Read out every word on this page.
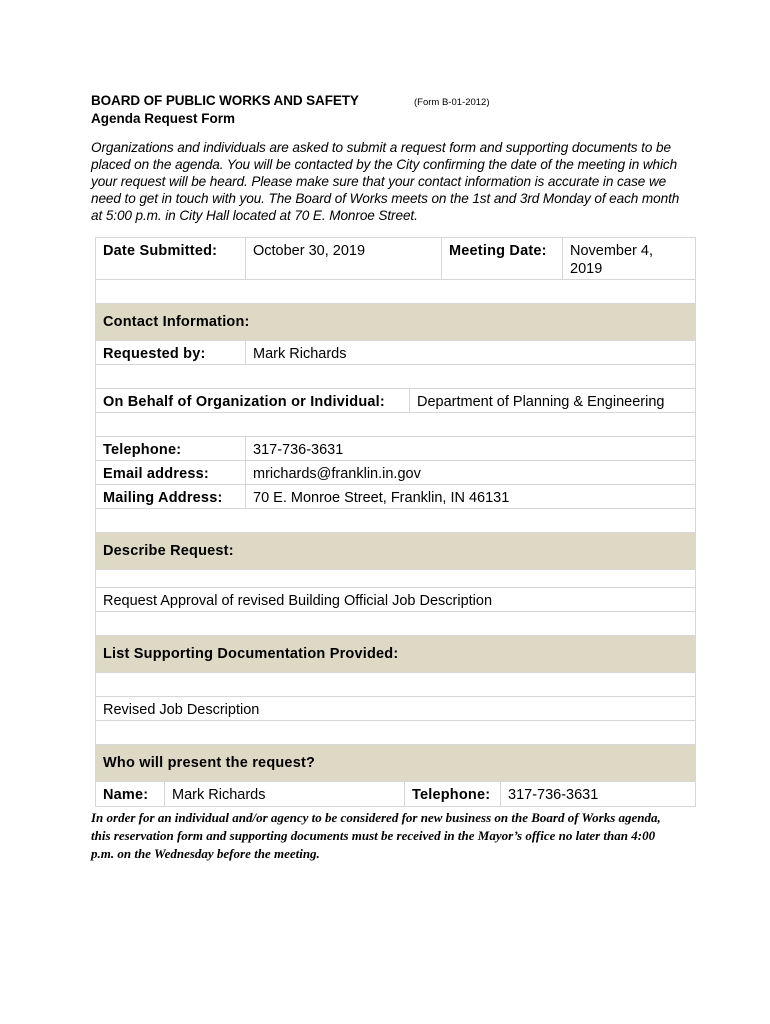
BOARD OF PUBLIC WORKS AND SAFETY	(Form B-01-2012)
Agenda Request Form
Organizations and individuals are asked to submit a request form and supporting documents to be placed on the agenda. You will be contacted by the City confirming the date of the meeting in which your request will be heard. Please make sure that your contact information is accurate in case we need to get in touch with you. The Board of Works meets on the 1st and 3rd Monday of each month at 5:00 p.m. in City Hall located at 70 E. Monroe Street.
Date Submitted:	October 30, 2019	Meeting Date:	November 4, 2019
Contact Information:
Requested by:	Mark Richards
On Behalf of Organization or Individual:	Department of Planning & Engineering
Telephone:	317-736-3631
Email address:	mrichards@franklin.in.gov
Mailing Address:	70 E. Monroe Street, Franklin, IN 46131
Describe Request:
Request Approval of revised Building Official Job Description
List Supporting Documentation Provided:
Revised Job Description
Who will present the request?
Name:	Mark Richards	Telephone:	317-736-3631
In order for an individual and/or agency to be considered for new business on the Board of Works agenda, this reservation form and supporting documents must be received in the Mayor’s office no later than 4:00 p.m. on the Wednesday before the meeting.
